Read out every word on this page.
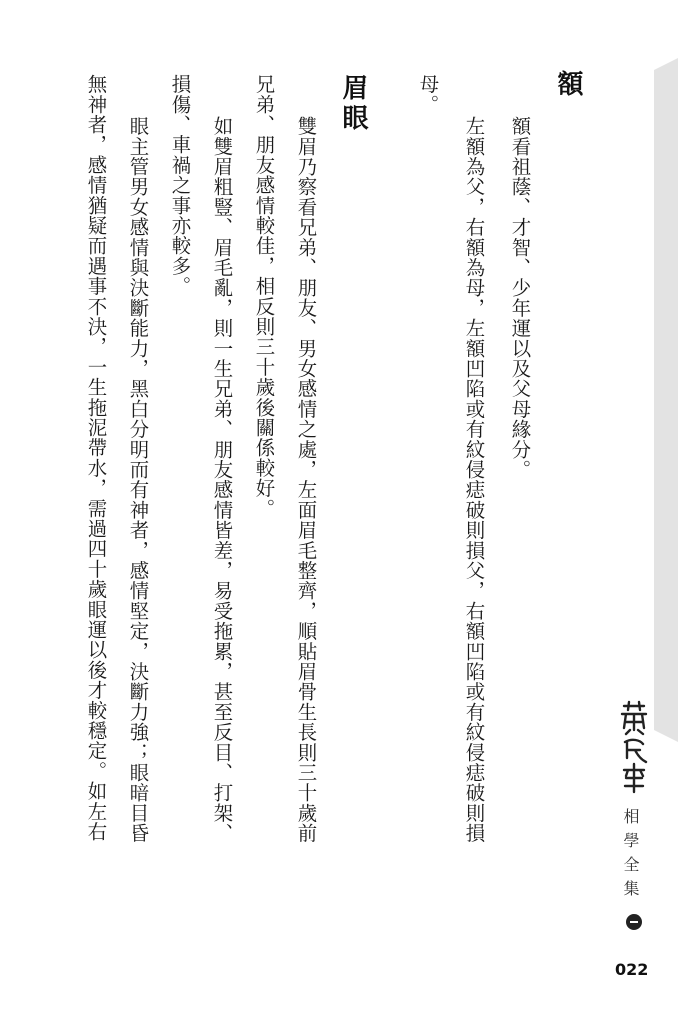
額

額看祖蔭、才智、少年運以及父母緣分。

左額為父，右額為母，左額凹陷或有紋侵痣破則損父，右額凹陷或有紋侵痣破則損

母。

眉眼

雙眉乃察看兄弟、朋友、男女感情之處，左面眉毛整齊，順貼眉骨生長則三十歲前

兄弟、朋友感情較佳，相反則三十歲後關係較好。

如雙眉粗豎、眉毛亂，則一生兄弟、朋友感情皆差，易受拖累，甚至反目、打架、

損傷、車禍之事亦較多。

眼主管男女感情與決斷能力，黑白分明而有神者，感情堅定，決斷力強；眼暗目昏

無神者，感情猶疑而遇事不決，一生拖泥帶水，需過四十歲眼運以後才較穩定。如左右

相學全集

022
